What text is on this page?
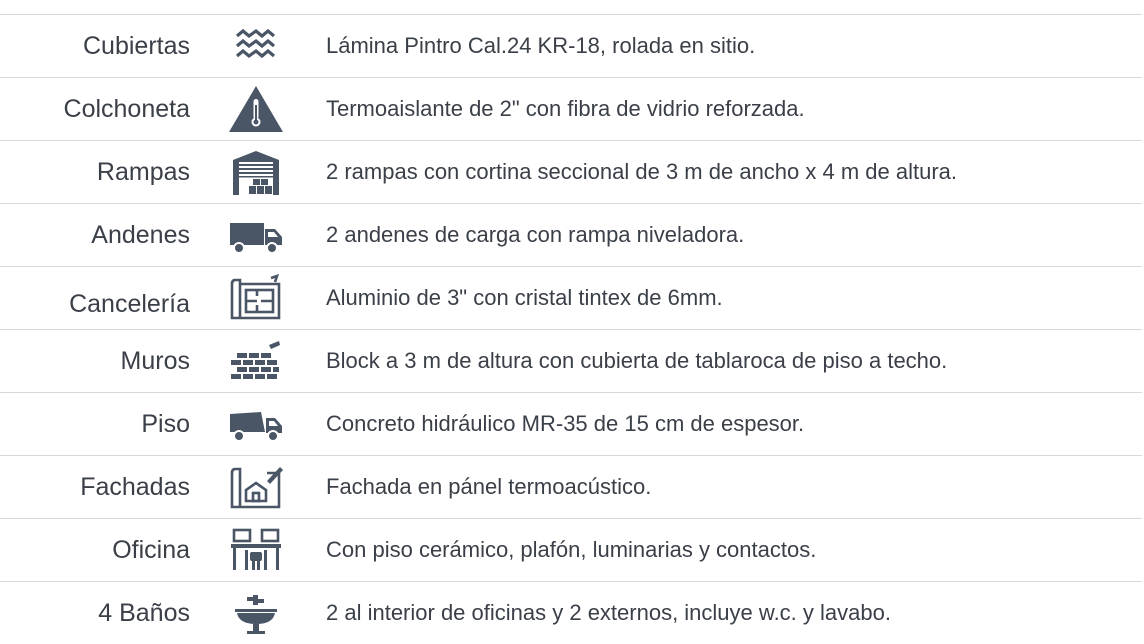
Cubiertas	Lámina Pintro Cal.24 KR-18, rolada en sitio.
Colchoneta	Termoaislante de 2" con fibra de vidrio reforzada.
Rampas	2 rampas con cortina seccional de 3 m de ancho x 4 m de altura.
Andenes	2 andenes de carga con rampa niveladora.
Cancelería	Aluminio de 3" con cristal tintex de 6mm.
Muros	Block a 3 m de altura con cubierta de tablaroca de piso a techo.
Piso	Concreto hidráulico MR-35 de 15 cm de espesor.
Fachadas	Fachada en pánel termoacústico.
Oficina	Con piso cerámico, plafón, luminarias y contactos.
4 Baños	2 al interior de oficinas y 2 externos, incluye w.c. y lavabo.
